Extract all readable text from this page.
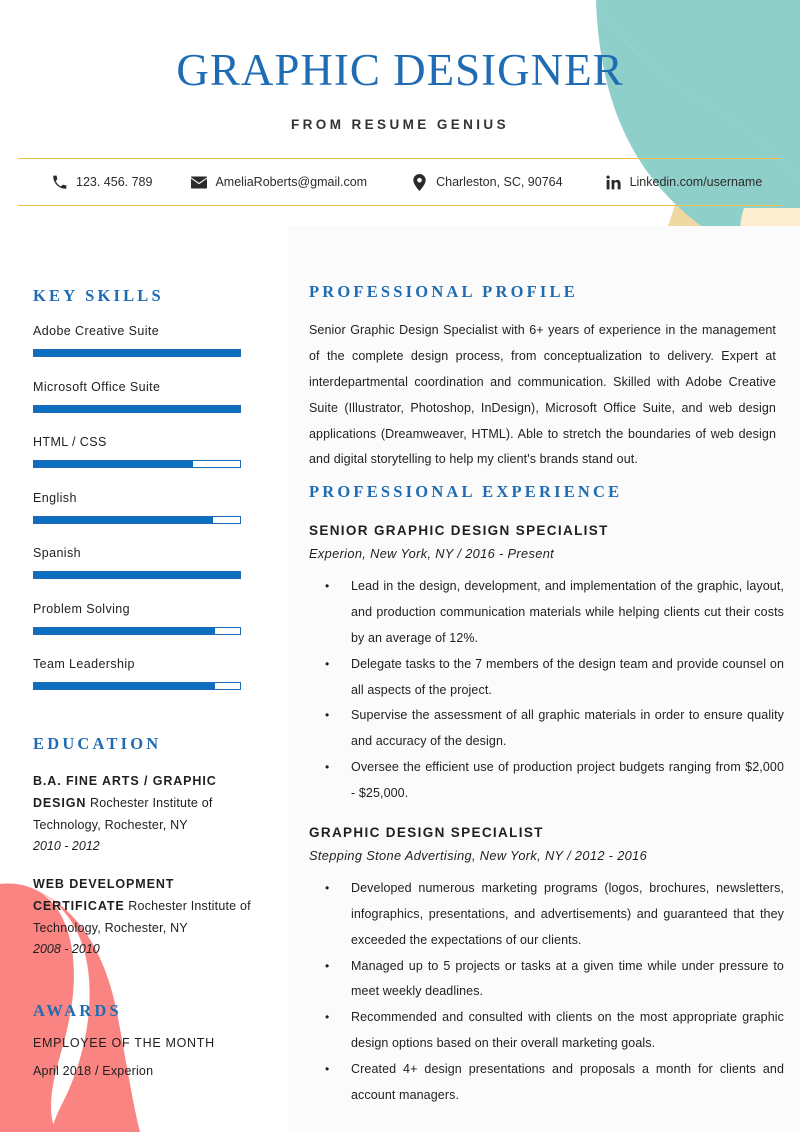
GRAPHIC DESIGNER
FROM RESUME GENIUS
123. 456. 789	AmeliaRoberts@gmail.com	Charleston, SC, 90764	Linkedin.com/username
KEY SKILLS
Adobe Creative Suite
Microsoft Office Suite
HTML / CSS
English
Spanish
Problem Solving
Team Leadership
EDUCATION
B.A. FINE ARTS / GRAPHIC DESIGN Rochester Institute of Technology, Rochester, NY
2010 - 2012
WEB DEVELOPMENT CERTIFICATE Rochester Institute of Technology, Rochester, NY
2008 - 2010
AWARDS
EMPLOYEE OF THE MONTH
April 2018 / Experion
PROFESSIONAL PROFILE
Senior Graphic Design Specialist with 6+ years of experience in the management of the complete design process, from conceptualization to delivery. Expert at interdepartmental coordination and communication. Skilled with Adobe Creative Suite (Illustrator, Photoshop, InDesign), Microsoft Office Suite, and web design applications (Dreamweaver, HTML). Able to stretch the boundaries of web design and digital storytelling to help my client's brands stand out.
PROFESSIONAL EXPERIENCE
SENIOR GRAPHIC DESIGN SPECIALIST
Experion, New York, NY / 2016 - Present
• Lead in the design, development, and implementation of the graphic, layout, and production communication materials while helping clients cut their costs by an average of 12%.
• Delegate tasks to the 7 members of the design team and provide counsel on all aspects of the project.
• Supervise the assessment of all graphic materials in order to ensure quality and accuracy of the design.
• Oversee the efficient use of production project budgets ranging from $2,000 - $25,000.
GRAPHIC DESIGN SPECIALIST
Stepping Stone Advertising, New York, NY / 2012 - 2016
• Developed numerous marketing programs (logos, brochures, newsletters, infographics, presentations, and advertisements) and guaranteed that they exceeded the expectations of our clients.
• Managed up to 5 projects or tasks at a given time while under pressure to meet weekly deadlines.
• Recommended and consulted with clients on the most appropriate graphic design options based on their overall marketing goals.
• Created 4+ design presentations and proposals a month for clients and account managers.
